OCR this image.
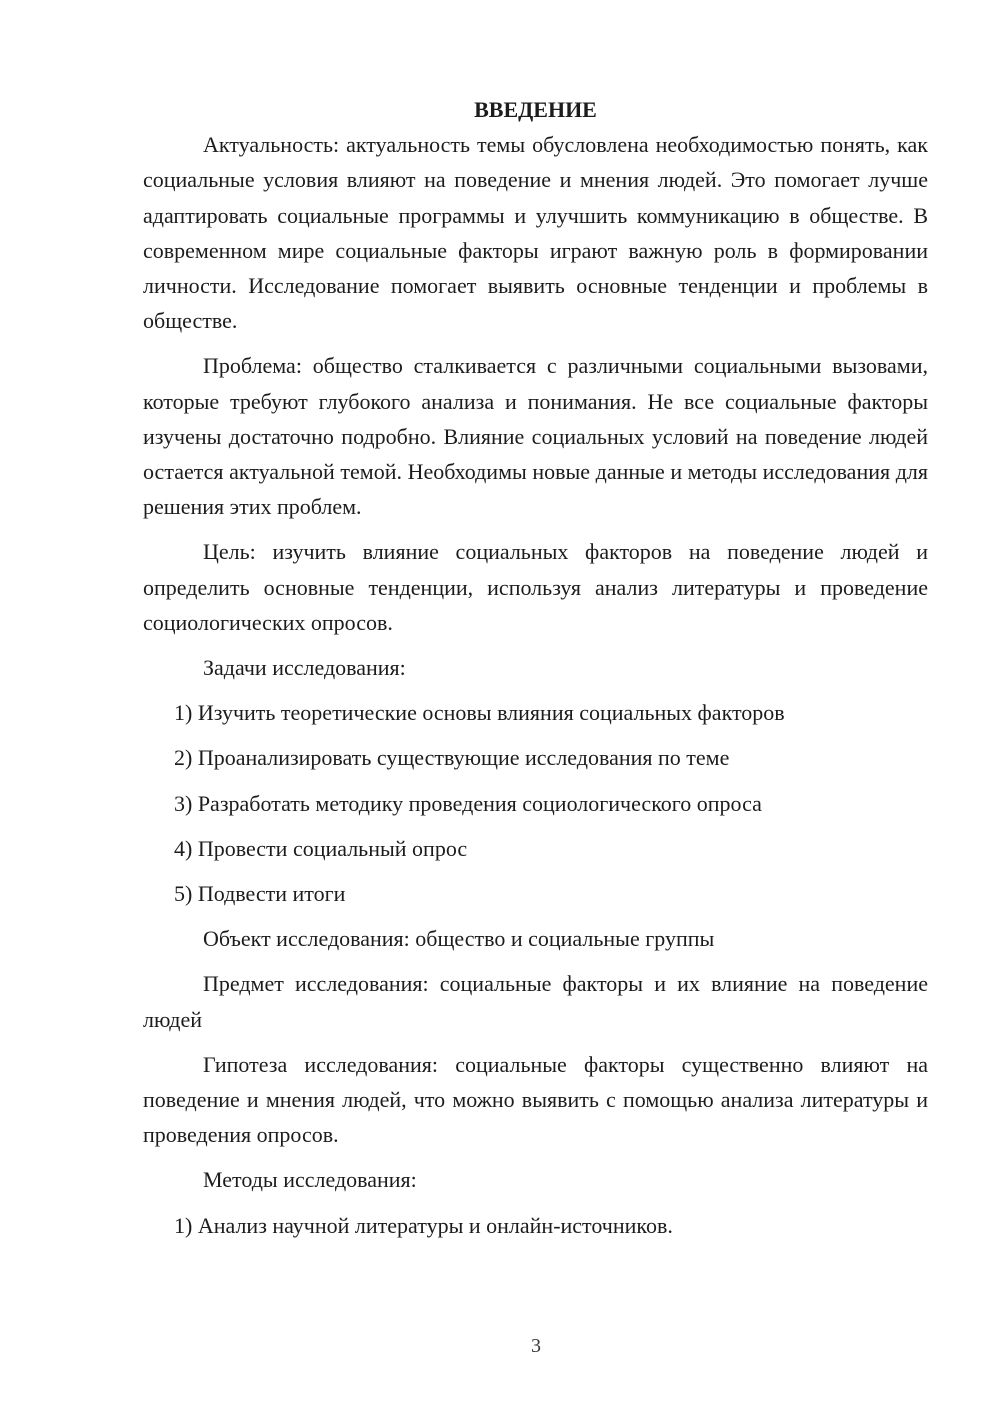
ВВЕДЕНИЕ

Актуальность: актуальность темы обусловлена необходимостью понять, как социальные условия влияют на поведение и мнения людей. Это помогает лучше адаптировать социальные программы и улучшить коммуникацию в обществе. В современном мире социальные факторы играют важную роль в формировании личности. Исследование помогает выявить основные тенденции и проблемы в обществе.

Проблема: общество сталкивается с различными социальными вызовами, которые требуют глубокого анализа и понимания. Не все социальные факторы изучены достаточно подробно. Влияние социальных условий на поведение людей остается актуальной темой. Необходимы новые данные и методы исследования для решения этих проблем.

Цель: изучить влияние социальных факторов на поведение людей и определить основные тенденции, используя анализ литературы и проведение социологических опросов.

Задачи исследования:

1) Изучить теоретические основы влияния социальных факторов

2) Проанализировать существующие исследования по теме

3) Разработать методику проведения социологического опроса

4) Провести социальный опрос

5) Подвести итоги

Объект исследования: общество и социальные группы

Предмет исследования: социальные факторы и их влияние на поведение людей

Гипотеза исследования: социальные факторы существенно влияют на поведение и мнения людей, что можно выявить с помощью анализа литературы и проведения опросов.

Методы исследования:

1) Анализ научной литературы и онлайн-источников.

3
